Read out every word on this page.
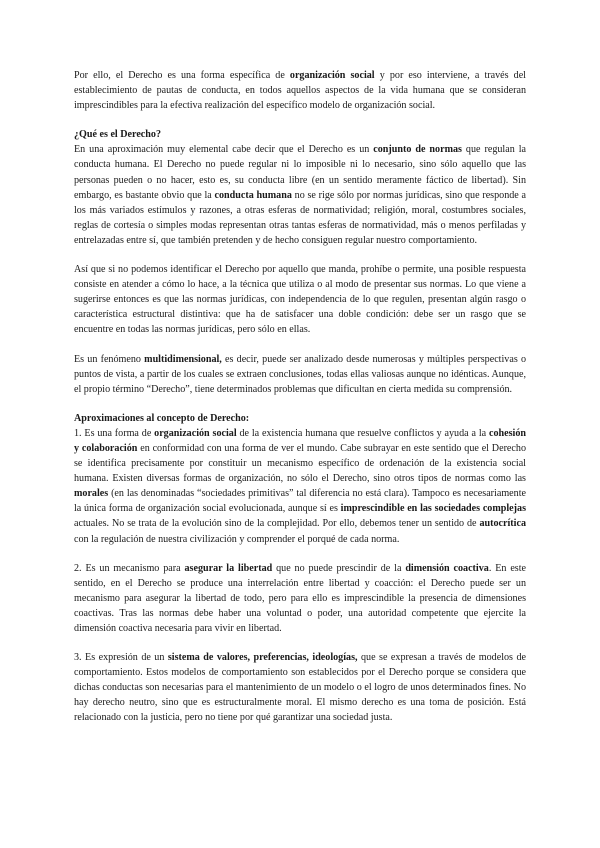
Por ello, el Derecho es una forma específica de organización social y por eso interviene, a través del establecimiento de pautas de conducta, en todos aquellos aspectos de la vida humana que se consideran imprescindibles para la efectiva realización del específico modelo de organización social.

¿Qué es el Derecho?

En una aproximación muy elemental cabe decir que el Derecho es un conjunto de normas que regulan la conducta humana. El Derecho no puede regular ni lo imposible ni lo necesario, sino sólo aquello que las personas pueden o no hacer, esto es, su conducta libre (en un sentido meramente fáctico de libertad). Sin embargo, es bastante obvio que la conducta humana no se rige sólo por normas jurídicas, sino que responde a los más variados estímulos y razones, a otras esferas de normatividad; religión, moral, costumbres sociales, reglas de cortesía o simples modas representan otras tantas esferas de normatividad, más o menos perfiladas y entrelazadas entre sí, que también pretenden y de hecho consiguen regular nuestro comportamiento.

Así que si no podemos identificar el Derecho por aquello que manda, prohíbe o permite, una posible respuesta consiste en atender a cómo lo hace, a la técnica que utiliza o al modo de presentar sus normas. Lo que viene a sugerirse entonces es que las normas jurídicas, con independencia de lo que regulen, presentan algún rasgo o característica estructural distintiva: que ha de satisfacer una doble condición: debe ser un rasgo que se encuentre en todas las normas jurídicas, pero sólo en ellas.

Es un fenómeno multidimensional, es decir, puede ser analizado desde numerosas y múltiples perspectivas o puntos de vista, a partir de los cuales se extraen conclusiones, todas ellas valiosas aunque no idénticas. Aunque, el propio término “Derecho”, tiene determinados problemas que dificultan en cierta medida su comprensión.

Aproximaciones al concepto de Derecho:

1. Es una forma de organización social de la existencia humana que resuelve conflictos y ayuda a la cohesión y colaboración en conformidad con una forma de ver el mundo. Cabe subrayar en este sentido que el Derecho se identifica precisamente por constituir un mecanismo específico de ordenación de la existencia social humana. Existen diversas formas de organización, no sólo el Derecho, sino otros tipos de normas como las morales (en las denominadas “sociedades primitivas” tal diferencia no está clara). Tampoco es necesariamente la única forma de organización social evolucionada, aunque sí es imprescindible en las sociedades complejas actuales. No se trata de la evolución sino de la complejidad. Por ello, debemos tener un sentido de autocrítica con la regulación de nuestra civilización y comprender el porqué de cada norma.

2. Es un mecanismo para asegurar la libertad que no puede prescindir de la dimensión coactiva. En este sentido, en el Derecho se produce una interrelación entre libertad y coacción: el Derecho puede ser un mecanismo para asegurar la libertad de todo, pero para ello es imprescindible la presencia de dimensiones coactivas. Tras las normas debe haber una voluntad o poder, una autoridad competente que ejercite la dimensión coactiva necesaria para vivir en libertad.

3. Es expresión de un sistema de valores, preferencias, ideologías, que se expresan a través de modelos de comportamiento. Estos modelos de comportamiento son establecidos por el Derecho porque se considera que dichas conductas son necesarias para el mantenimiento de un modelo o el logro de unos determinados fines. No hay derecho neutro, sino que es estructuralmente moral. El mismo derecho es una toma de posición. Está relacionado con la justicia, pero no tiene por qué garantizar una sociedad justa.
